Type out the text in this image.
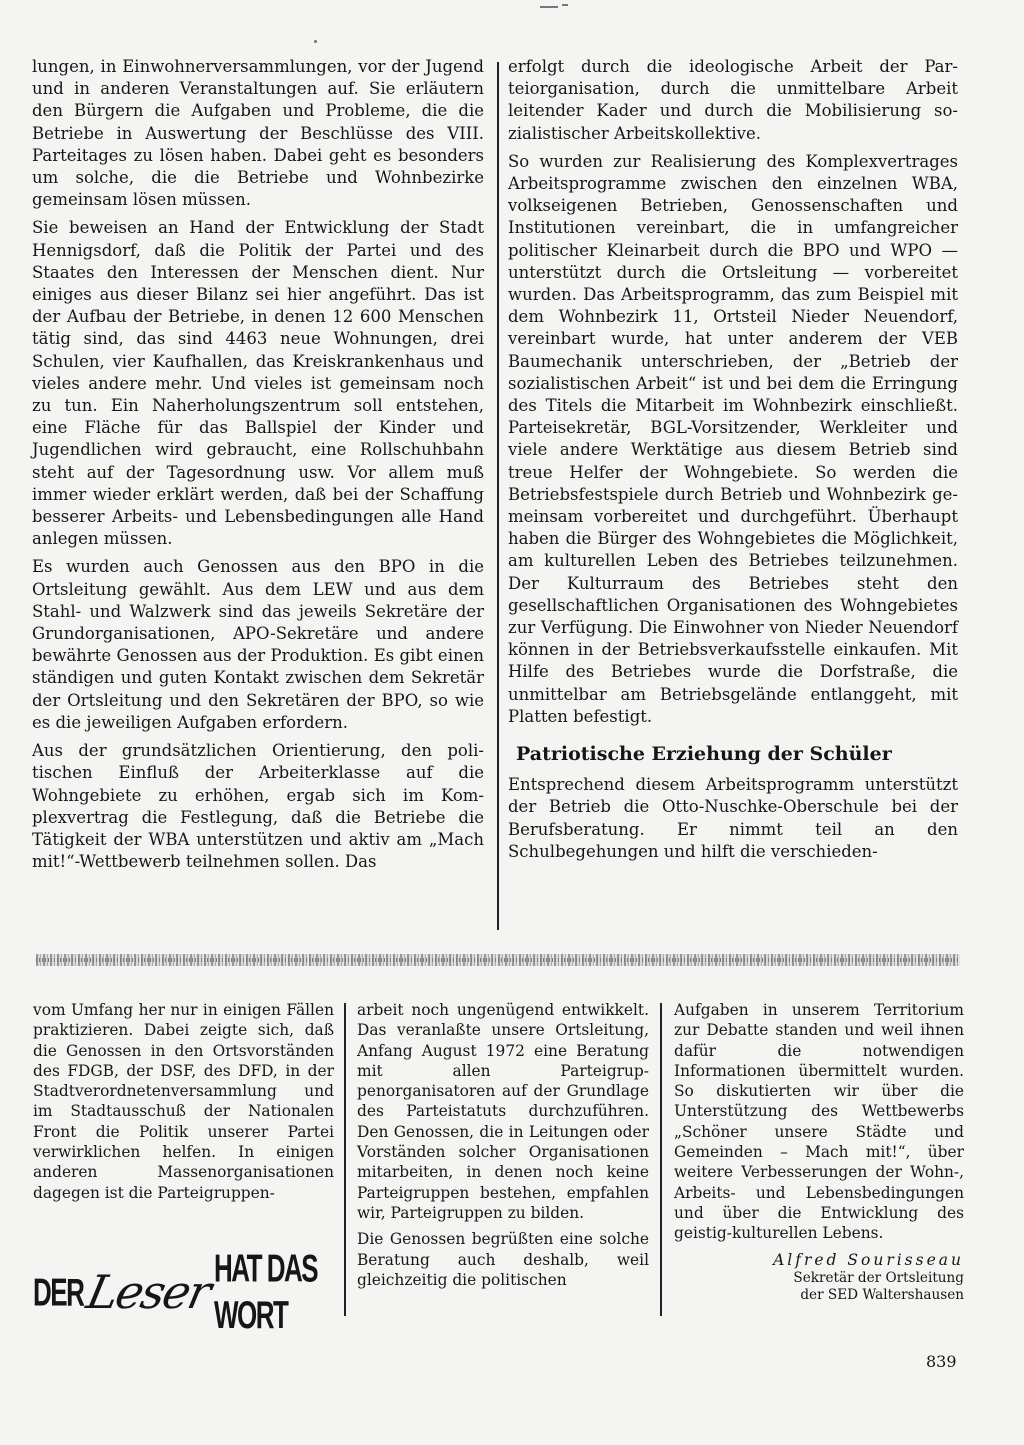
lungen, in Einwohnerversammlungen, vor der Jugend und in anderen Veranstaltungen auf. Sie erläutern den Bürgern die Aufgaben und Probleme, die die Betriebe in Auswertung der Beschlüsse des VIII. Parteitages zu lösen haben. Dabei geht es besonders um solche, die die Betriebe und Wohnbezirke gemeinsam lösen müssen.

Sie beweisen an Hand der Entwicklung der Stadt Hennigsdorf, daß die Politik der Partei und des Staates den Interessen der Menschen dient. Nur einiges aus dieser Bilanz sei hier angeführt. Das ist der Aufbau der Betriebe, in denen 12 600 Menschen tätig sind, das sind 4463 neue Wohnungen, drei Schulen, vier Kaufhallen, das Kreiskrankenhaus und vieles andere mehr. Und vieles ist gemeinsam noch zu tun. Ein Naherholungszentrum soll entstehen, eine Fläche für das Ballspiel der Kinder und Jugendlichen wird gebraucht, eine Rollschuhbahn steht auf der Tagesordnung usw. Vor allem muß immer wieder erklärt werden, daß bei der Schaffung besserer Arbeits- und Lebensbedingungen alle Hand anlegen müssen.

Es wurden auch Genossen aus den BPO in die Ortsleitung gewählt. Aus dem LEW und aus dem Stahl- und Walzwerk sind das jeweils Sekretäre der Grundorganisationen, APO-Sekretäre und andere bewährte Genossen aus der Produktion. Es gibt einen ständigen und guten Kontakt zwischen dem Sekretär der Ortsleitung und den Sekretären der BPO, so wie es die jeweiligen Aufgaben erfordern.

Aus der grundsätzlichen Orientierung, den politischen Einfluß der Arbeiterklasse auf die Wohngebiete zu erhöhen, ergab sich im Komplexvertrag die Festlegung, daß die Betriebe die Tätigkeit der WBA unterstützen und aktiv am „Mach mit!“-Wettbewerb teilnehmen sollen. Das

erfolgt durch die ideologische Arbeit der Parteiorganisation, durch die unmittelbare Arbeit leitender Kader und durch die Mobilisierung sozialistischer Arbeitskollektive.

So wurden zur Realisierung des Komplexvertrages Arbeitsprogramme zwischen den einzelnen WBA, volkseigenen Betrieben, Genossenschaften und Institutionen vereinbart, die in umfangreicher politischer Kleinarbeit durch die BPO und WPO — unterstützt durch die Ortsleitung — vorbereitet wurden. Das Arbeitsprogramm, das zum Beispiel mit dem Wohnbezirk 11, Ortsteil Nieder Neuendorf, vereinbart wurde, hat unter anderem der VEB Baumechanik unterschrieben, der „Betrieb der sozialistischen Arbeit“ ist und bei dem die Erringung des Titels die Mitarbeit im Wohnbezirk einschließt. Parteisekretär, BGL-Vorsitzender, Werkleiter und viele andere Werktätige aus diesem Betrieb sind treue Helfer der Wohngebiete. So werden die Betriebsfestspiele durch Betrieb und Wohnbezirk gemeinsam vorbereitet und durchgeführt. Überhaupt haben die Bürger des Wohngebietes die Möglichkeit, am kulturellen Leben des Betriebes teilzunehmen. Der Kulturraum des Betriebes steht den gesellschaftlichen Organisationen des Wohngebietes zur Verfügung. Die Einwohner von Nieder Neuendorf können in der Betriebsverkaufsstelle einkaufen. Mit Hilfe des Betriebes wurde die Dorfstraße, die unmittelbar am Betriebsgelände entlanggeht, mit Platten befestigt.

Patriotische Erziehung der Schüler

Entsprechend diesem Arbeitsprogramm unterstützt der Betrieb die Otto-Nuschke-Oberschule bei der Berufsberatung. Er nimmt teil an den Schulbegehungen und hilft die verschieden-

vom Umfang her nur in einigen Fällen praktizieren. Dabei zeigte sich, daß die Genossen in den Ortsvorständen des FDGB, der DSF, des DFD, in der Stadtverordnetenversammlung und im Stadtausschuß der Nationalen Front die Politik unserer Partei verwirklichen helfen. In einigen anderen Massenorganisationen dagegen ist die Parteigruppen-

DER Leser HAT DAS WORT

arbeit noch ungenügend entwikkelt. Das veranlaßte unsere Ortsleitung, Anfang August 1972 eine Beratung mit allen Parteigruppenorganisatoren auf der Grundlage des Parteistatuts durchzuführen. Den Genossen, die in Leitungen oder Vorständen solcher Organisationen mitarbeiten, in denen noch keine Parteigruppen bestehen, empfahlen wir, Parteigruppen zu bilden.

Die Genossen begrüßten eine solche Beratung auch deshalb, weil gleichzeitig die politischen

Aufgaben in unserem Territorium zur Debatte standen und weil ihnen dafür die notwendigen Informationen übermittelt wurden. So diskutierten wir über die Unterstützung des Wettbewerbs „Schöner unsere Städte und Gemeinden – Mach mit!“, über weitere Verbesserungen der Wohn-, Arbeits- und Lebensbedingungen und über die Entwicklung des geistig-kulturellen Lebens.

Alfred Sourisseau
Sekretär der Ortsleitung
der SED Waltershausen
839
